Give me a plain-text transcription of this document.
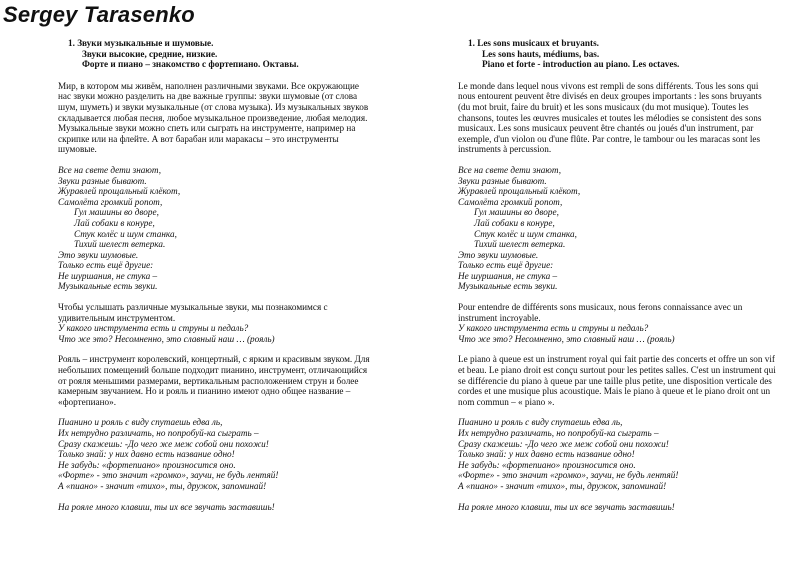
Sergey Tarasenko
1. Звуки музыкальные и шумовые.
Звуки высокие, средние, низкие.
Форте и пиано – знакомство с фортепиано. Октавы.
Мир, в котором мы живём, наполнен различными звуками. Все окружающие нас звуки можно разделить на две важные группы: звуки шумовые (от слова шум, шуметь) и звуки музыкальные (от слова музыка). Из музыкальных звуков складывается любая песня, любое музыкальное произведение, любая мелодия. Музыкальные звуки можно спеть или сыграть на инструменте, например на скрипке или на флейте. А вот барабан или маракасы – это инструменты шумовые.
Все на свете дети знают,
Звуки разные бывают.
Журавлей прощальный клёкот,
Самолёта громкий ропот,
Гул машины во дворе,
Лай собаки в конуре,
Стук колёс и шум станка,
Тихий шелест ветерка.
Это звуки шумовые.
Только есть ещё другие:
Не шуршания, не стука –
Музыкальные есть звуки.
Чтобы услышать различные музыкальные звуки, мы познакомимся с
удивительным инструментом.
У какого инструмента есть и струны и педаль?
Что же это? Несомненно, это славный наш … (рояль)
Рояль – инструмент королевский, концертный, с ярким и красивым звуком. Для небольших помещений больше подходит пианино, инструмент, отличающийся от рояля меньшими размерами, вертикальным расположением струн и более камерным звучанием. Но и рояль и пианино имеют одно общее название – «фортепиано».
Пианино и рояль с виду спутаешь едва ль,
Их нетрудно различать, но попробуй-ка сыграть –
Сразу скажешь: -До чего же меж собой они похожи!
Только знай: у них давно есть название одно!
Не забудь: «фортепиано» произносится оно.
«Форте» - это значит «громко», заучи, не будь лентяй!
А «пиано» - значит «тихо», ты, дружок, запоминай!
На рояле много клавиш, ты их все звучать заставишь!
1. Les sons musicaux et bruyants.
Les sons hauts, médiums, bas.
Piano et forte - introduction au piano. Les octaves.
Le monde dans lequel nous vivons est rempli de sons différents. Tous les sons qui nous entourent peuvent être divisés en deux groupes importants : les sons bruyants (du mot bruit, faire du bruit) et les sons musicaux (du mot musique). Toutes les chansons, toutes les œuvres musicales et toutes les mélodies se consistent des sons musicaux. Les sons musicaux peuvent être chantés ou joués d'un instrument, par exemple, d'un violon ou d'une flûte. Par contre, le tambour ou les maracas sont les instruments à percussion.
Все на свете дети знают,
Звуки разные бывают.
Журавлей прощальный клёкот,
Самолёта громкий ропот,
Гул машины во дворе,
Лай собаки в конуре,
Стук колёс и шум станка,
Тихий шелест ветерка.
Это звуки шумовые.
Только есть ещё другие:
Не шуршания, не стука –
Музыкальные есть звуки.
Pour entendre de différents sons musicaux, nous ferons connaissance avec un
instrument incroyable.
У какого инструмента есть и струны и педаль?
Что же это? Несомненно, это славный наш … (рояль)
Le piano à queue est un instrument royal qui fait partie des concerts et offre un son vif et beau. Le piano droit est conçu surtout pour les petites salles. C'est un instrument qui se différencie du piano à queue par une taille plus petite, une disposition verticale des cordes et une musique plus acoustique. Mais le piano à queue et le piano droit ont un nom commun – « piano ».
Пианино и рояль с виду спутаешь едва ль,
Их нетрудно различать, но попробуй-ка сыграть –
Сразу скажешь: -До чего же меж собой они похожи!
Только знай: у них давно есть название одно!
Не забудь: «фортепиано» произносится оно.
«Форте» - это значит «громко», заучи, не будь лентяй!
А «пиано» - значит «тихо», ты, дружок, запоминай!
На рояле много клавиш, ты их все звучать заставишь!
